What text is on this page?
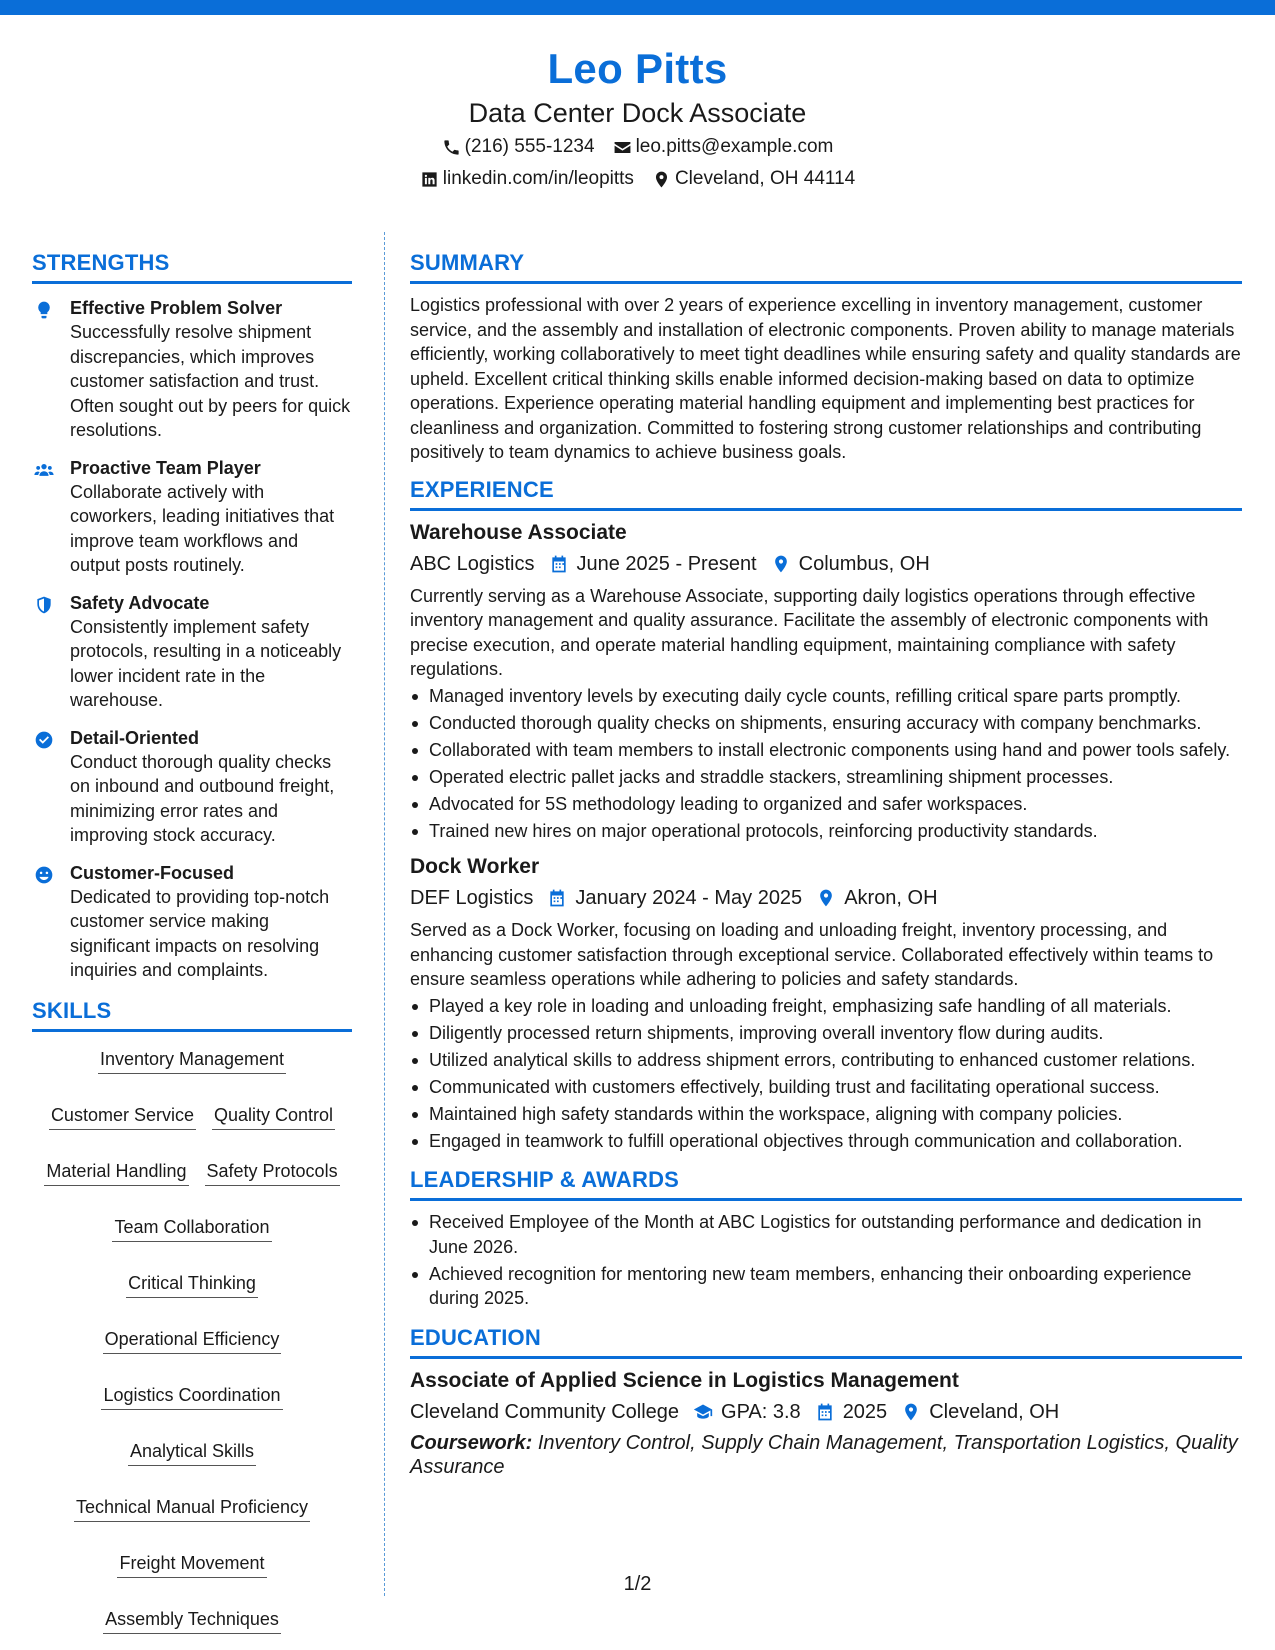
Leo Pitts
Data Center Dock Associate
(216) 555-1234 leo.pitts@example.com
linkedin.com/in/leopitts Cleveland, OH 44114
STRENGTHS
Effective Problem Solver
Successfully resolve shipment discrepancies, which improves customer satisfaction and trust. Often sought out by peers for quick resolutions.
Proactive Team Player
Collaborate actively with coworkers, leading initiatives that improve team workflows and output posts routinely.
Safety Advocate
Consistently implement safety protocols, resulting in a noticeably lower incident rate in the warehouse.
Detail-Oriented
Conduct thorough quality checks on inbound and outbound freight, minimizing error rates and improving stock accuracy.
Customer-Focused
Dedicated to providing top-notch customer service making significant impacts on resolving inquiries and complaints.
SKILLS
Inventory Management
Customer Service Quality Control
Material Handling Safety Protocols
Team Collaboration
Critical Thinking
Operational Efficiency
Logistics Coordination
Analytical Skills
Technical Manual Proficiency
Freight Movement
Assembly Techniques
SUMMARY
Logistics professional with over 2 years of experience excelling in inventory management, customer service, and the assembly and installation of electronic components. Proven ability to manage materials efficiently, working collaboratively to meet tight deadlines while ensuring safety and quality standards are upheld. Excellent critical thinking skills enable informed decision-making based on data to optimize operations. Experience operating material handling equipment and implementing best practices for cleanliness and organization. Committed to fostering strong customer relationships and contributing positively to team dynamics to achieve business goals.
EXPERIENCE
Warehouse Associate
ABC Logistics June 2025 - Present Columbus, OH
Currently serving as a Warehouse Associate, supporting daily logistics operations through effective inventory management and quality assurance. Facilitate the assembly of electronic components with precise execution, and operate material handling equipment, maintaining compliance with safety regulations.
Managed inventory levels by executing daily cycle counts, refilling critical spare parts promptly.
Conducted thorough quality checks on shipments, ensuring accuracy with company benchmarks.
Collaborated with team members to install electronic components using hand and power tools safely.
Operated electric pallet jacks and straddle stackers, streamlining shipment processes.
Advocated for 5S methodology leading to organized and safer workspaces.
Trained new hires on major operational protocols, reinforcing productivity standards.
Dock Worker
DEF Logistics January 2024 - May 2025 Akron, OH
Served as a Dock Worker, focusing on loading and unloading freight, inventory processing, and enhancing customer satisfaction through exceptional service. Collaborated effectively within teams to ensure seamless operations while adhering to policies and safety standards.
Played a key role in loading and unloading freight, emphasizing safe handling of all materials.
Diligently processed return shipments, improving overall inventory flow during audits.
Utilized analytical skills to address shipment errors, contributing to enhanced customer relations.
Communicated with customers effectively, building trust and facilitating operational success.
Maintained high safety standards within the workspace, aligning with company policies.
Engaged in teamwork to fulfill operational objectives through communication and collaboration.
LEADERSHIP & AWARDS
Received Employee of the Month at ABC Logistics for outstanding performance and dedication in June 2026.
Achieved recognition for mentoring new team members, enhancing their onboarding experience during 2025.
EDUCATION
Associate of Applied Science in Logistics Management
Cleveland Community College GPA: 3.8 2025 Cleveland, OH
Coursework: Inventory Control, Supply Chain Management, Transportation Logistics, Quality Assurance
1/2
